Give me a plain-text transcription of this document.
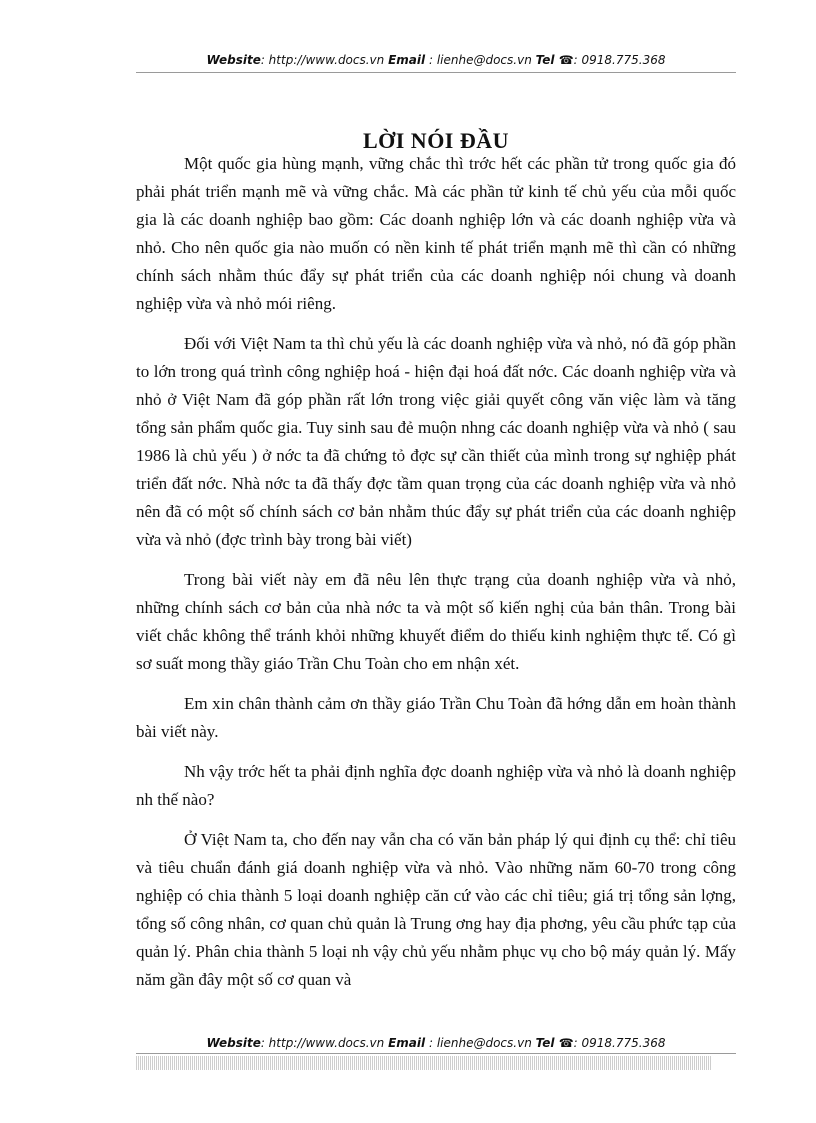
Website: http://www.docs.vn Email : lienhe@docs.vn Tel ☎: 0918.775.368
LỜI NÓI ĐẦU

Một quốc gia hùng mạnh, vững chắc thì trớc hết các phần tử trong quốc gia đó phải phát triển mạnh mẽ và vững chắc. Mà các phần tử kinh tế chủ yếu của mỗi quốc gia là các doanh nghiệp bao gồm: Các doanh nghiệp lớn và các doanh nghiệp vừa và nhỏ. Cho nên quốc gia nào muốn có nền kinh tế phát triển mạnh mẽ thì cần có những chính sách nhằm thúc đẩy sự phát triển của các doanh nghiệp nói chung và doanh nghiệp vừa và nhỏ mói riêng.

Đối với Việt Nam ta thì chủ yếu là các doanh nghiệp vừa và nhỏ, nó đã góp phần to lớn trong quá trình công nghiệp hoá - hiện đại hoá đất nớc. Các doanh nghiệp vừa và nhỏ ở Việt Nam đã góp phần rất lớn trong việc giải quyết công văn việc làm và tăng tổng sản phẩm quốc gia. Tuy sinh sau đẻ muộn nhng các doanh nghiệp vừa và nhỏ ( sau 1986 là chủ yếu ) ở nớc ta đã chứng tỏ đợc sự cần thiết của mình trong sự nghiệp phát triển đất nớc. Nhà nớc ta đã thấy đợc tầm quan trọng của các doanh nghiệp vừa và nhỏ nên đã có một số chính sách cơ bản nhằm thúc đẩy sự phát triển của các doanh nghiệp vừa và nhỏ (đợc trình bày trong bài viết)

Trong bài viết này em đã nêu lên thực trạng của doanh nghiệp vừa và nhỏ, những chính sách cơ bản của nhà nớc ta và một số kiến nghị của bản thân. Trong bài viết chắc không thể tránh khỏi những khuyết điểm do thiếu kinh nghiệm thực tế. Có gì sơ suất mong thầy giáo Trần Chu Toàn cho em nhận xét.

Em xin chân thành cảm ơn thầy giáo Trần Chu Toàn đã hớng dẫn em hoàn thành bài viết này.

Nh vậy trớc hết ta phải định nghĩa đợc doanh nghiệp vừa và nhỏ là doanh nghiệp nh thế nào?

Ở Việt Nam ta, cho đến nay vẫn cha có văn bản pháp lý qui định cụ thể: chỉ tiêu và tiêu chuẩn đánh giá doanh nghiệp vừa và nhỏ. Vào những năm 60-70 trong công nghiệp có chia thành 5 loại doanh nghiệp căn cứ vào các chỉ tiêu; giá trị tổng sản lợng, tổng số công nhân, cơ quan chủ quản là Trung ơng hay địa phơng, yêu cầu phức tạp của quản lý. Phân chia thành 5 loại nh vậy chủ yếu nhằm phục vụ cho bộ máy quản lý. Mấy năm gần đây một số cơ quan và

Website: http://www.docs.vn Email : lienhe@docs.vn Tel ☎: 0918.775.368
